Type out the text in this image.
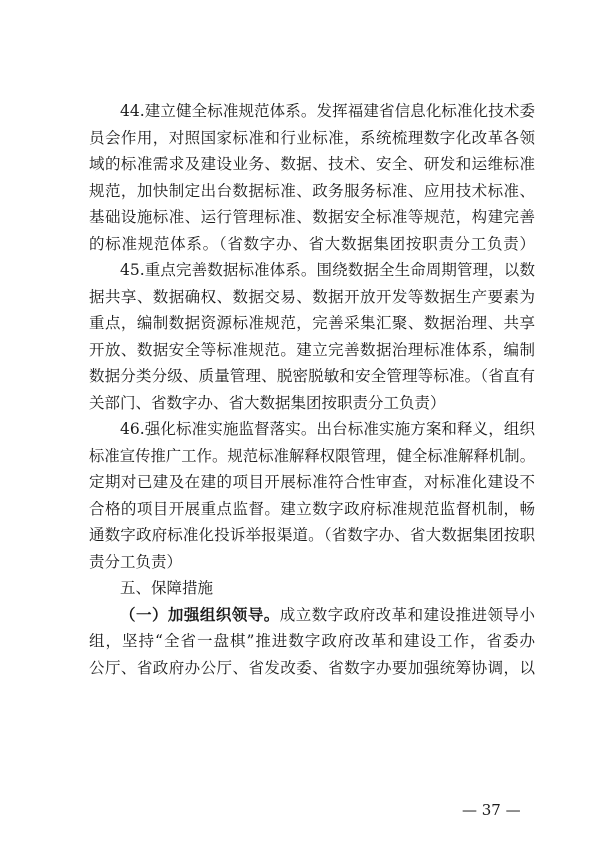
44.建立健全标准规范体系。发挥福建省信息化标准化技术委
员会作用，对照国家标准和行业标准，系统梳理数字化改革各领
域的标准需求及建设业务、数据、技术、安全、研发和运维标准
规范，加快制定出台数据标准、政务服务标准、应用技术标准、
基础设施标准、运行管理标准、数据安全标准等规范，构建完善
的标准规范体系。（省数字办、省大数据集团按职责分工负责）
45.重点完善数据标准体系。围绕数据全生命周期管理，以数
据共享、数据确权、数据交易、数据开放开发等数据生产要素为
重点，编制数据资源标准规范，完善采集汇聚、数据治理、共享
开放、数据安全等标准规范。建立完善数据治理标准体系，编制
数据分类分级、质量管理、脱密脱敏和安全管理等标准。（省直有
关部门、省数字办、省大数据集团按职责分工负责）
46.强化标准实施监督落实。出台标准实施方案和释义，组织
标准宣传推广工作。规范标准解释权限管理，健全标准解释机制。
定期对已建及在建的项目开展标准符合性审查，对标准化建设不
合格的项目开展重点监督。建立数字政府标准规范监督机制，畅
通数字政府标准化投诉举报渠道。（省数字办、省大数据集团按职
责分工负责）
五、保障措施
（一）加强组织领导。成立数字政府改革和建设推进领导小
组，坚持“全省一盘棋”推进数字政府改革和建设工作，省委办
公厅、省政府办公厅、省发改委、省数字办要加强统筹协调，以
— 37 —
